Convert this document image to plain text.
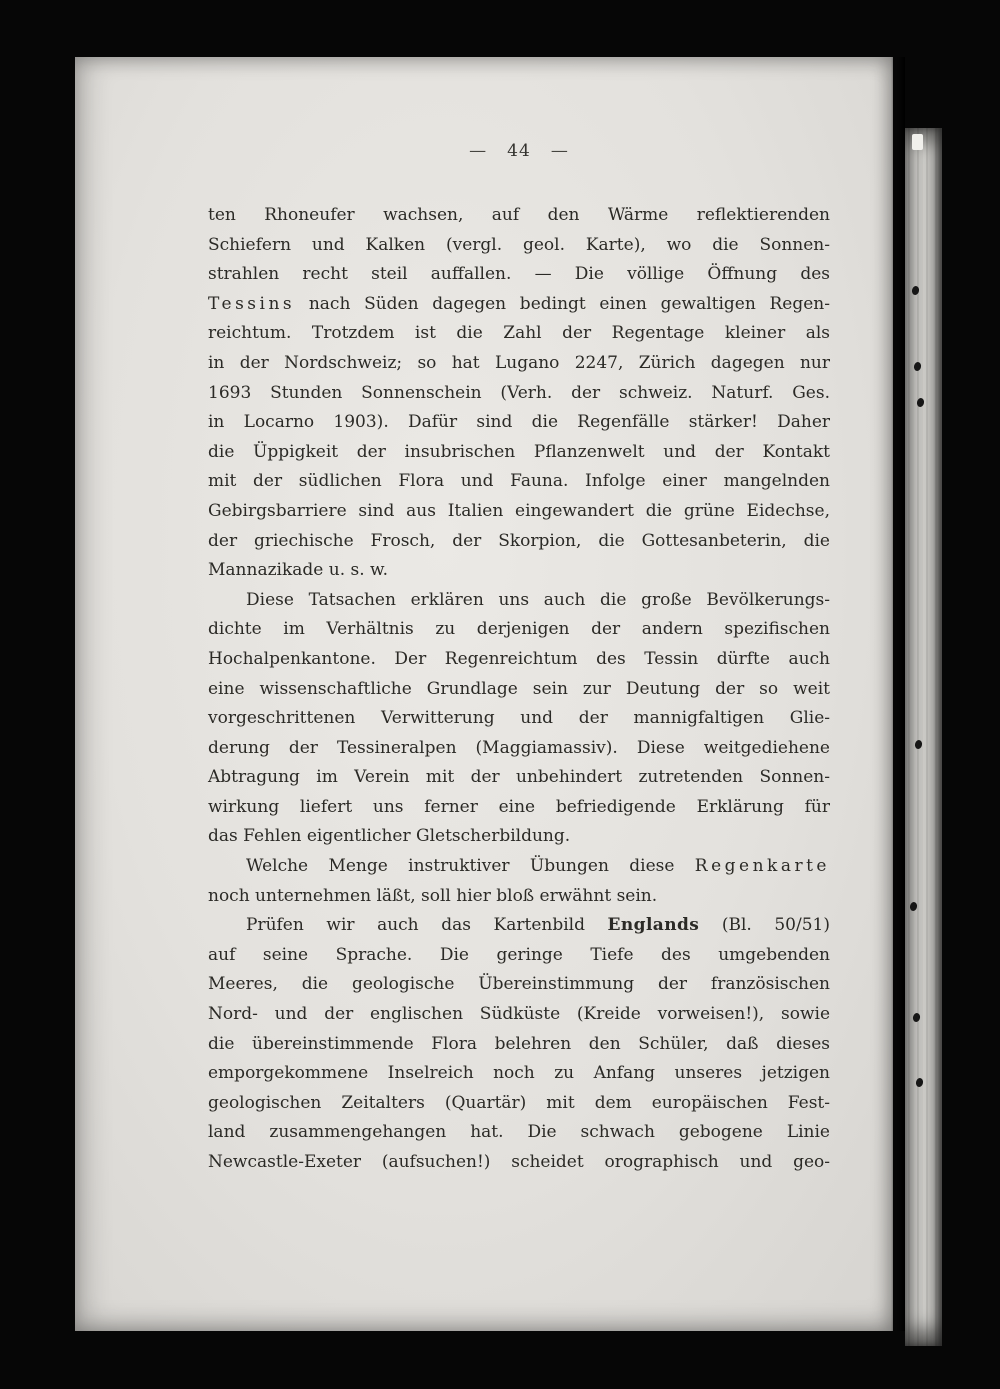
— 44 —
ten Rhoneufer wachsen, auf den Wärme reflektierenden
Schiefern und Kalken (vergl. geol. Karte), wo die Sonnen-
strahlen recht steil auffallen. — Die völlige Öffnung des
Tessins nach Süden dagegen bedingt einen gewaltigen Regen-
reichtum. Trotzdem ist die Zahl der Regentage kleiner als
in der Nordschweiz; so hat Lugano 2247, Zürich dagegen nur
1693 Stunden Sonnenschein (Verh. der schweiz. Naturf. Ges.
in Locarno 1903). Dafür sind die Regenfälle stärker! Daher
die Üppigkeit der insubrischen Pflanzenwelt und der Kontakt
mit der südlichen Flora und Fauna. Infolge einer mangelnden
Gebirgsbarriere sind aus Italien eingewandert die grüne Eidechse,
der griechische Frosch, der Skorpion, die Gottesanbeterin, die
Mannazikade u. s. w.
Diese Tatsachen erklären uns auch die große Bevölkerungs-
dichte im Verhältnis zu derjenigen der andern spezifischen
Hochalpenkantone. Der Regenreichtum des Tessin dürfte auch
eine wissenschaftliche Grundlage sein zur Deutung der so weit
vorgeschrittenen Verwitterung und der mannigfaltigen Glie-
derung der Tessineralpen (Maggiamassiv). Diese weitgediehene
Abtragung im Verein mit der unbehindert zutretenden Sonnen-
wirkung liefert uns ferner eine befriedigende Erklärung für
das Fehlen eigentlicher Gletscherbildung.
Welche Menge instruktiver Übungen diese Regenkarte
noch unternehmen läßt, soll hier bloß erwähnt sein.
Prüfen wir auch das Kartenbild Englands (Bl. 50/51)
auf seine Sprache. Die geringe Tiefe des umgebenden
Meeres, die geologische Übereinstimmung der französischen
Nord- und der englischen Südküste (Kreide vorweisen!), sowie
die übereinstimmende Flora belehren den Schüler, daß dieses
emporgekommene Inselreich noch zu Anfang unseres jetzigen
geologischen Zeitalters (Quartär) mit dem europäischen Fest-
land zusammengehangen hat. Die schwach gebogene Linie
Newcastle-Exeter (aufsuchen!) scheidet orographisch und geo-
